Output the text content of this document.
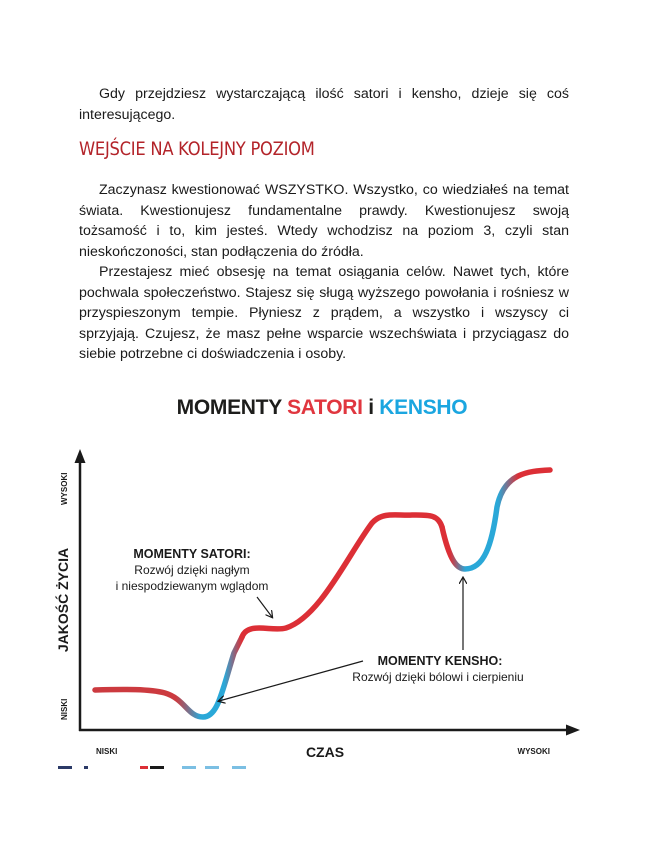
Gdy przejdziesz wystarczającą ilość satori i kensho, dzieje się coś interesującego.

WEJŚCIE NA KOLEJNY POZIOM

Zaczynasz kwestionować WSZYSTKO. Wszystko, co wiedziałeś na temat świata. Kwestionujesz fundamentalne prawdy. Kwestionujesz swoją tożsamość i to, kim jesteś. Wtedy wchodzisz na poziom 3, czyli stan nieskończoności, stan podłączenia do źródła.

Przestajesz mieć obsesję na temat osiągania celów. Nawet tych, które pochwala społeczeństwo. Stajesz się sługą wyższego powołania i rośniesz w przyspieszonym tempie. Płyniesz z prądem, a wszystko i wszyscy ci sprzyjają. Czujesz, że masz pełne wsparcie wszechświata i przyciągasz do siebie potrzebne ci doświadczenia i osoby.

MOMENTY SATORI i KENSHO
WYSOKI
NISKI
JAKOŚĆ ŻYCIA
NISKI	CZAS	WYSOKI
MOMENTY SATORI:
Rozwój dzięki nagłym
i niespodziewanym wglądom
MOMENTY KENSHO:
Rozwój dzięki bólowi i cierpieniu
